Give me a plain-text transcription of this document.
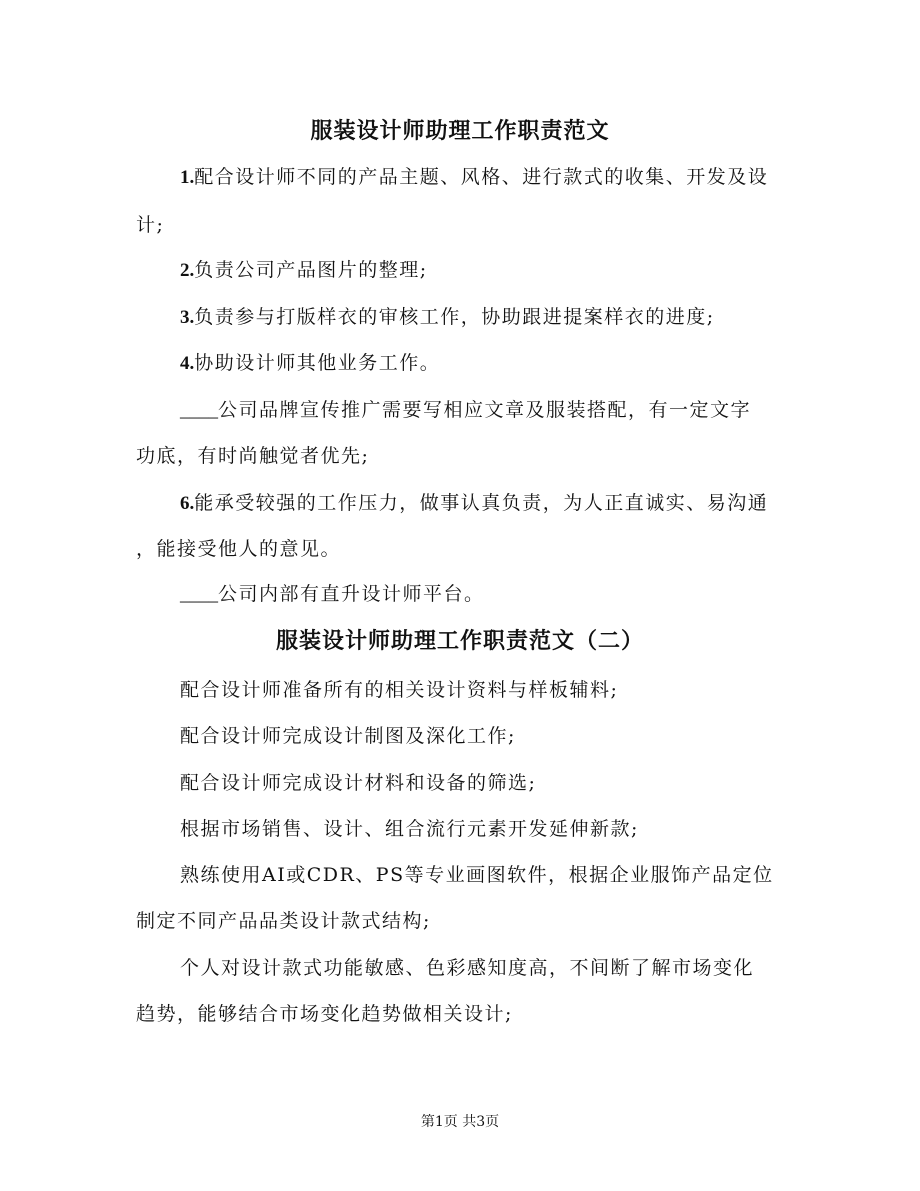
服装设计师助理工作职责范文
1.配合设计师不同的产品主题、风格、进行款式的收集、开发及设
计;
2.负责公司产品图片的整理;
3.负责参与打版样衣的审核工作，协助跟进提案样衣的进度;
4.协助设计师其他业务工作。
____公司品牌宣传推广需要写相应文章及服装搭配，有一定文字
功底，有时尚触觉者优先;
6.能承受较强的工作压力，做事认真负责，为人正直诚实、易沟通
，能接受他人的意见。
____公司内部有直升设计师平台。
服装设计师助理工作职责范文（二）
配合设计师准备所有的相关设计资料与样板辅料;
配合设计师完成设计制图及深化工作;
配合设计师完成设计材料和设备的筛选;
根据市场销售、设计、组合流行元素开发延伸新款;
熟练使用AI或CDR、PS等专业画图软件，根据企业服饰产品定位
制定不同产品品类设计款式结构;
个人对设计款式功能敏感、色彩感知度高，不间断了解市场变化
趋势，能够结合市场变化趋势做相关设计;
第1页 共3页
